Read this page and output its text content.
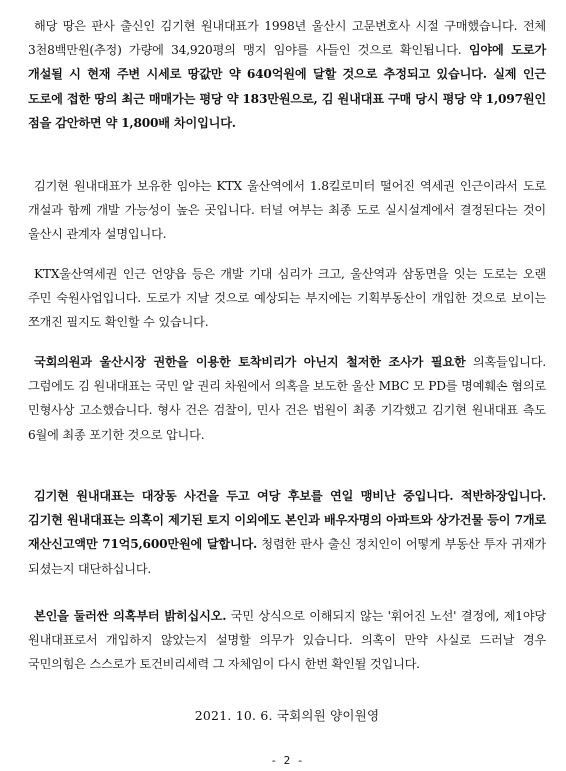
해당 땅은 판사 출신인 김기현 원내대표가 1998년 울산시 고문변호사 시절 구매했습니다. 전체 3천8백만원(추정) 가량에 34,920평의 맹지 임야를 사들인 것으로 확인됩니다. 임야에 도로가 개설될 시 현재 주변 시세로 땅값만 약 640억원에 달할 것으로 추정되고 있습니다. 실제 인근 도로에 접한 땅의 최근 매매가는 평당 약 183만원으로, 김 원내대표 구매 당시 평당 약 1,097원인 점을 감안하면 약 1,800배 차이입니다.

김기현 원내대표가 보유한 임야는 KTX 울산역에서 1.8킬로미터 떨어진 역세권 인근이라서 도로 개설과 함께 개발 가능성이 높은 곳입니다. 터널 여부는 최종 도로 실시설계에서 결정된다는 것이 울산시 관계자 설명입니다.

KTX울산역세권 인근 언양읍 등은 개발 기대 심리가 크고, 울산역과 삼동면을 잇는 도로는 오랜 주민 숙원사업입니다. 도로가 지날 것으로 예상되는 부지에는 기획부동산이 개입한 것으로 보이는 쪼개진 필지도 확인할 수 있습니다.

국회의원과 울산시장 권한을 이용한 토착비리가 아닌지 철저한 조사가 필요한 의혹들입니다. 그럼에도 김 원내대표는 국민 알 권리 차원에서 의혹을 보도한 울산 MBC 모 PD를 명예훼손 혐의로 민형사상 고소했습니다. 형사 건은 검찰이, 민사 건은 법원이 최종 기각했고 김기현 원내대표 측도 6월에 최종 포기한 것으로 압니다.

김기현 원내대표는 대장동 사건을 두고 여당 후보를 연일 맹비난 중입니다. 적반하장입니다. 김기현 원내대표는 의혹이 제기된 토지 이외에도 본인과 배우자명의 아파트와 상가건물 등이 7개로 재산신고액만 71억5,600만원에 달합니다. 청렴한 판사 출신 정치인이 어떻게 부동산 투자 귀재가 되셨는지 대단하십니다.

본인을 둘러싼 의혹부터 밝히십시오. 국민 상식으로 이해되지 않는 '휘어진 노선' 결정에, 제1야당 원내대표로서 개입하지 않았는지 설명할 의무가 있습니다. 의혹이 만약 사실로 드러날 경우 국민의힘은 스스로가 토건비리세력 그 자체임이 다시 한번 확인될 것입니다.

2021. 10. 6. 국회의원 양이원영
- 2 -
